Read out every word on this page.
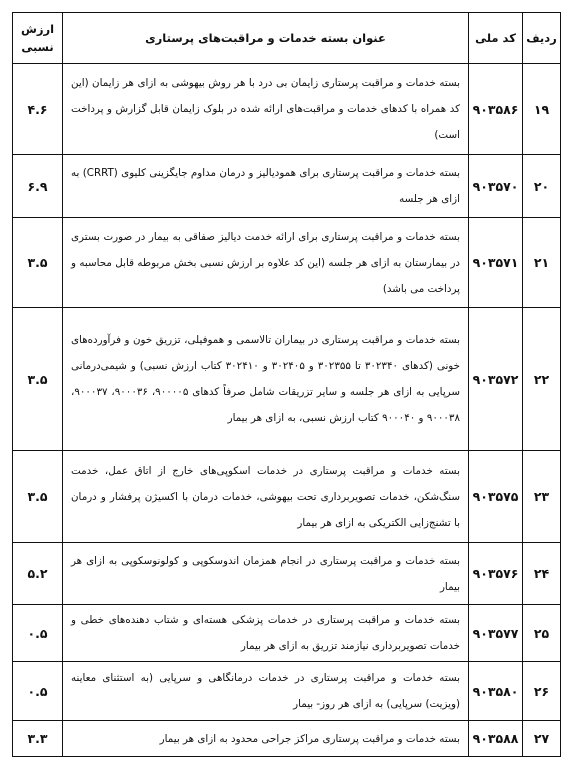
ردیف	کد ملی	عنوان بسته خدمات و مراقبت‌های پرستاری	ارزش
نسبی

۱۹	۹۰۳۵۸۶	بسته خدمات و مراقبت پرستاری زایمان بی درد با هر روش بیهوشی به ازای هر زایمان (این کد همراه با کدهای خدمات و مراقبت‌های ارائه شده در بلوک زایمان قابل گزارش و پرداخت است)	۴.۶
۲۰	۹۰۳۵۷۰	بسته خدمات و مراقبت پرستاری برای همودیالیز و درمان مداوم جایگزینی کلیوی (CRRT) به ازای هر جلسه	۶.۹
۲۱	۹۰۳۵۷۱	بسته خدمات و مراقبت پرستاری برای ارائه خدمت دیالیز صفاقی به بیمار در صورت بستری در بیمارستان به ازای هر جلسه (این کد علاوه بر ارزش نسبی بخش مربوطه قابل محاسبه و پرداخت می باشد)	۳.۵
۲۲	۹۰۳۵۷۲	بسته خدمات و مراقبت پرستاری در بیماران تالاسمی و هموفیلی، تزریق خون و فرآورده‌های خونی (کدهای ۳۰۲۳۴۰ تا ۳۰۲۳۵۵ و ۳۰۲۴۰۵ و ۳۰۲۴۱۰ کتاب ارزش نسبی) و شیمی‌درمانی سرپایی به ازای هر جلسه و سایر تزریقات شامل صرفاً کدهای ۹۰۰۰۰۵، ۹۰۰۰۳۶، ۹۰۰۰۳۷، ۹۰۰۰۳۸ و ۹۰۰۰۴۰ کتاب ارزش نسبی، به ازای هر بیمار	۳.۵
۲۳	۹۰۳۵۷۵	بسته خدمات و مراقبت پرستاری در خدمات اسکوپی‌های خارج از اتاق عمل، خدمت سنگ‌شکن، خدمات تصویربرداری تحت بیهوشی، خدمات درمان با اکسیژن پرفشار و درمان با تشنج‌زایی الکتریکی به ازای هر بیمار	۳.۵
۲۴	۹۰۳۵۷۶	بسته خدمات و مراقبت پرستاری در انجام همزمان اندوسکوپی و کولونوسکوپی به ازای هر بیمار	۵.۲
۲۵	۹۰۳۵۷۷	بسته خدمات و مراقبت پرستاری در خدمات پزشکی هسته‌ای و شتاب دهنده‌های خطی و خدمات تصویربرداری نیازمند تزریق به ازای هر بیمار	۰.۵
۲۶	۹۰۳۵۸۰	بسته خدمات و مراقبت پرستاری در خدمات درمانگاهی و سرپایی (به استثنای معاینه (ویزیت) سرپایی) به ازای هر روز- بیمار	۰.۵
۲۷	۹۰۳۵۸۸	بسته خدمات و مراقبت پرستاری مراکز جراحی محدود به ازای هر بیمار	۳.۳
